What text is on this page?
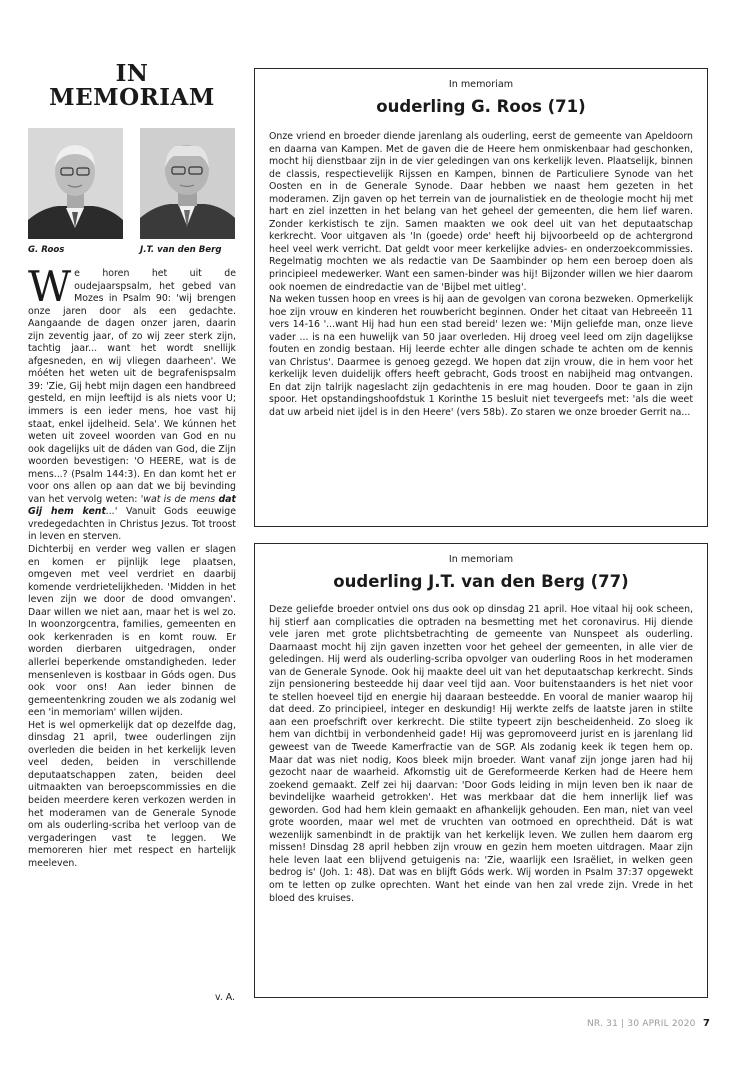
IN
MEMORIAM
G. Roos	J.T. van den Berg

We horen het uit de oudejaarspsalm, het gebed van Mozes in Psalm 90: 'wij brengen onze jaren door als een gedachte. Aangaande de dagen onzer jaren, daarin zijn zeventig jaar, of zo wij zeer sterk zijn, tachtig jaar... want het wordt snellijk afgesneden, en wij vliegen daarheen'. We móéten het weten uit de begrafenispsalm 39: 'Zie, Gij hebt mijn dagen een handbreed gesteld, en mijn leeftijd is als niets voor U; immers is een ieder mens, hoe vast hij staat, enkel ijdelheid. Sela'. We kúnnen het weten uit zoveel woorden van God en nu ook dagelijks uit de dáden van God, die Zijn woorden bevestigen: 'O HEERE, wat is de mens...? (Psalm 144:3). En dan komt het er voor ons allen op aan dat we bij bevinding van het vervolg weten: 'wat is de mens dat Gij hem kent...' Vanuit Gods eeuwige vredegedachten in Christus Jezus. Tot troost in leven en sterven.

Dichterbij en verder weg vallen er slagen en komen er pijnlijk lege plaatsen, omgeven met veel verdriet en daarbij komende verdrietelijkheden. 'Midden in het leven zijn we door de dood omvangen'. Daar willen we niet aan, maar het is wel zo. In woonzorgcentra, families, gemeenten en ook kerkenraden is en komt rouw. Er worden dierbaren uitgedragen, onder allerlei beperkende omstandigheden. Ieder mensenleven is kostbaar in Góds ogen. Dus ook voor ons! Aan ieder binnen de gemeentenkring zouden we als zodanig wel een 'in memoriam' willen wijden.

Het is wel opmerkelijk dat op dezelfde dag, dinsdag 21 april, twee ouderlingen zijn overleden die beiden in het kerkelijk leven veel deden, beiden in verschillende deputaatschappen zaten, beiden deel uitmaakten van beroepscommissies en die beiden meerdere keren verkozen werden in het moderamen van de Generale Synode om als ouderling-scriba het verloop van de vergaderingen vast te leggen. We memoreren hier met respect en hartelijk meeleven.

v. A.
In memoriam
ouderling G. Roos (71)

Onze vriend en broeder diende jarenlang als ouderling, eerst de gemeente van Apeldoorn en daarna van Kampen. Met de gaven die de Heere hem onmiskenbaar had geschonken, mocht hij dienstbaar zijn in de vier geledingen van ons kerkelijk leven. Plaatselijk, binnen de classis, respectievelijk Rijssen en Kampen, binnen de Particuliere Synode van het Oosten en in de Generale Synode. Daar hebben we naast hem gezeten in het moderamen. Zijn gaven op het terrein van de journalistiek en de theologie mocht hij met hart en ziel inzetten in het belang van het geheel der gemeenten, die hem lief waren. Zonder kerkistisch te zijn. Samen maakten we ook deel uit van het deputaatschap kerkrecht. Voor uitgaven als 'In (goede) orde' heeft hij bijvoorbeeld op de achtergrond heel veel werk verricht. Dat geldt voor meer kerkelijke advies- en onderzoekcommissies. Regelmatig mochten we als redactie van De Saambinder op hem een beroep doen als principieel medewerker. Want een samen-binder was hij! Bijzonder willen we hier daarom ook noemen de eindredactie van de 'Bijbel met uitleg'.

Na weken tussen hoop en vrees is hij aan de gevolgen van corona bezweken. Opmerkelijk hoe zijn vrouw en kinderen het rouwbericht beginnen. Onder het citaat van Hebreeën 11 vers 14-16 '...want Hij had hun een stad bereid' lezen we: 'Mijn geliefde man, onze lieve vader ... is na een huwelijk van 50 jaar overleden. Hij droeg veel leed om zijn dagelijkse fouten en zondig bestaan. Hij leerde echter alle dingen schade te achten om de kennis van Christus'. Daarmee is genoeg gezegd. We hopen dat zijn vrouw, die in hem voor het kerkelijk leven duidelijk offers heeft gebracht, Gods troost en nabijheid mag ontvangen. En dat zijn talrijk nageslacht zijn gedachtenis in ere mag houden. Door te gaan in zijn spoor. Het opstandingshoofdstuk 1 Korinthe 15 besluit niet tevergeefs met: 'als die weet dat uw arbeid niet ijdel is in den Heere' (vers 58b). Zo staren we onze broeder Gerrit na...

In memoriam
ouderling J.T. van den Berg (77)

Deze geliefde broeder ontviel ons dus ook op dinsdag 21 april. Hoe vitaal hij ook scheen, hij stierf aan complicaties die optraden na besmetting met het coronavirus. Hij diende vele jaren met grote plichtsbetrachting de gemeente van Nunspeet als ouderling. Daarnaast mocht hij zijn gaven inzetten voor het geheel der gemeenten, in alle vier de geledingen. Hij werd als ouderling-scriba opvolger van ouderling Roos in het moderamen van de Generale Synode. Ook hij maakte deel uit van het deputaatschap kerkrecht. Sinds zijn pensionering besteedde hij daar veel tijd aan. Voor buitenstaanders is het niet voor te stellen hoeveel tijd en energie hij daaraan besteedde. En vooral de manier waarop hij dat deed. Zo principieel, integer en deskundig! Hij werkte zelfs de laatste jaren in stilte aan een proefschrift over kerkrecht. Die stilte typeert zijn bescheidenheid. Zo sloeg ik hem van dichtbij in verbondenheid gade! Hij was gepromoveerd jurist en is jarenlang lid geweest van de Tweede Kamerfractie van de SGP. Als zodanig keek ik tegen hem op. Maar dat was niet nodig, Koos bleek mijn broeder. Want vanaf zijn jonge jaren had hij gezocht naar de waarheid. Afkomstig uit de Gereformeerde Kerken had de Heere hem zoekend gemaakt. Zelf zei hij daarvan: 'Door Gods leiding in mijn leven ben ik naar de bevindelijke waarheid getrokken'. Het was merkbaar dat die hem innerlijk lief was geworden. God had hem klein gemaakt en afhankelijk gehouden. Een man, niet van veel grote woorden, maar wel met de vruchten van ootmoed en oprechtheid. Dát is wat wezenlijk samenbindt in de praktijk van het kerkelijk leven. We zullen hem daarom erg missen! Dinsdag 28 april hebben zijn vrouw en gezin hem moeten uitdragen. Maar zijn hele leven laat een blijvend getuigenis na: 'Zie, waarlijk een Israëliet, in welken geen bedrog is' (Joh. 1: 48). Dat was en blijft Góds werk. Wij worden in Psalm 37:37 opgewekt om te letten op zulke oprechten. Want het einde van hen zal vrede zijn. Vrede in het bloed des kruises.

NR. 31 | 30 APRIL 2020 7
